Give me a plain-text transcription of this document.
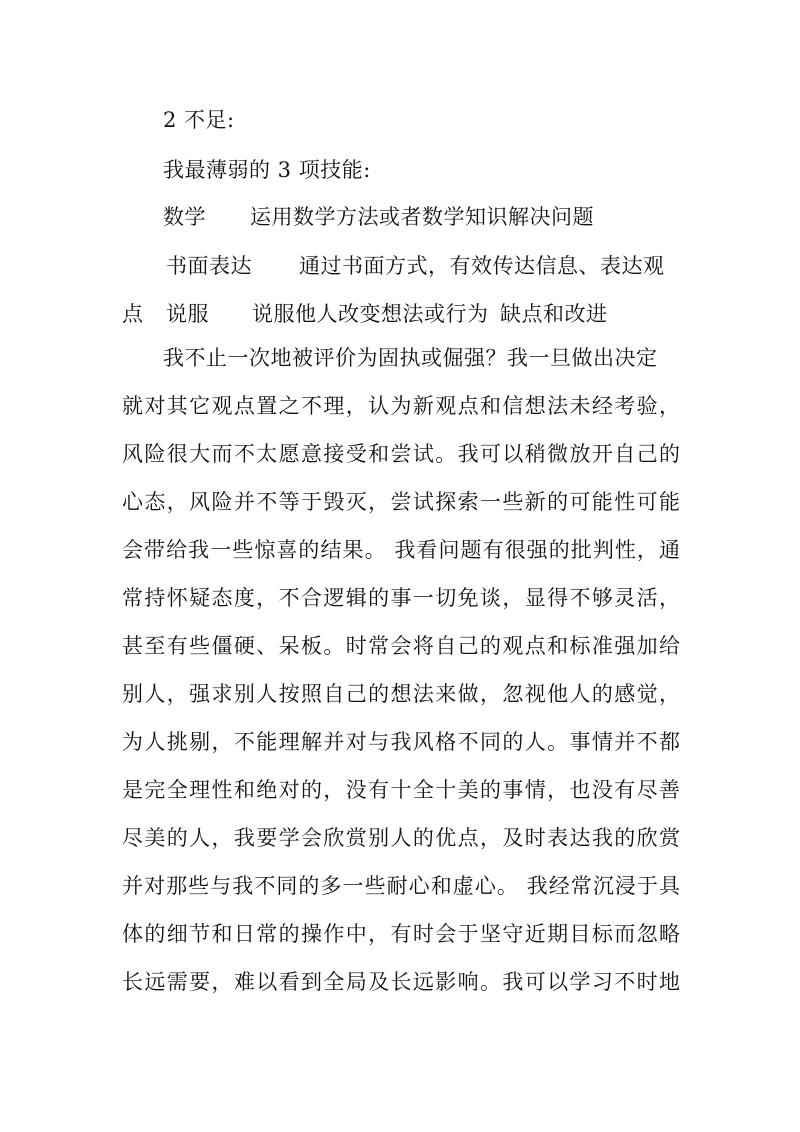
2 不足:

我最薄弱的 3 项技能:

数学

运用数学方法或者数学知识解决问题

书面表达

通过书面方式，有效传达信息、表达观

点

说服

说服他人改变想法或行为

缺点和改进

我不止一次地被评价为固执或倔强？我一旦做出决定

就对其它观点置之不理，认为新观点和信想法未经考验，

风险很大而不太愿意接受和尝试。我可以稍微放开自己的

心态，风险并不等于毁灭，尝试探索一些新的可能性可能

会带给我一些惊喜的结果。 我看问题有很强的批判性，通

常持怀疑态度，不合逻辑的事一切免谈，显得不够灵活，

甚至有些僵硬、呆板。时常会将自己的观点和标准强加给

别人，强求别人按照自己的想法来做，忽视他人的感觉，

为人挑剔，不能理解并对与我风格不同的人。事情并不都

是完全理性和绝对的，没有十全十美的事情，也没有尽善

尽美的人，我要学会欣赏别人的优点，及时表达我的欣赏

并对那些与我不同的多一些耐心和虚心。 我经常沉浸于具

体的细节和日常的操作中，有时会于坚守近期目标而忽略

长远需要，难以看到全局及长远影响。我可以学习不时地
